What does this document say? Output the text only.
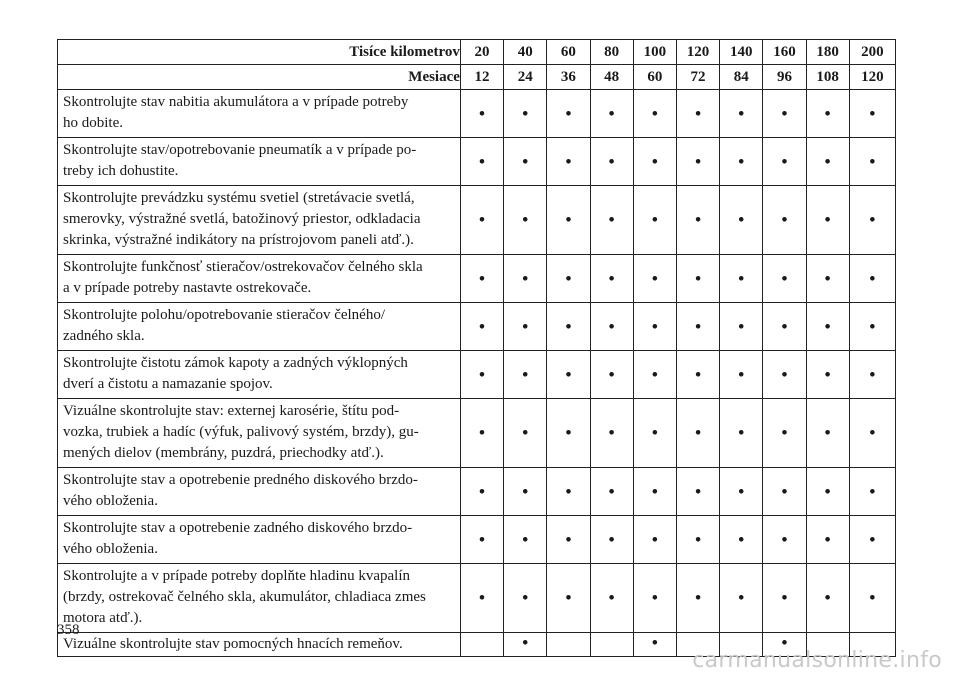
Tisíce kilometrov	20	40	60	80	100	120	140	160	180	200
Mesiace	12	24	36	48	60	72	84	96	108	120
Skontrolujte stav nabitia akumulátora a v prípade potreby
ho dobite.	•	•	•	•	•	•	•	•	•	•
Skontrolujte stav/opotrebovanie pneumatík a v prípade po-
treby ich dohustite.	•	•	•	•	•	•	•	•	•	•
Skontrolujte prevádzku systému svetiel (stretávacie svetlá,
smerovky, výstražné svetlá, batožinový priestor, odkladacia
skrinka, výstražné indikátory na prístrojovom paneli atď.).	•	•	•	•	•	•	•	•	•	•
Skontrolujte funkčnosť stieračov/ostrekovačov čelného skla
a v prípade potreby nastavte ostrekovače.	•	•	•	•	•	•	•	•	•	•
Skontrolujte polohu/opotrebovanie stieračov čelného/
zadného skla.	•	•	•	•	•	•	•	•	•	•
Skontrolujte čistotu zámok kapoty a zadných výklopných
dverí a čistotu a namazanie spojov.	•	•	•	•	•	•	•	•	•	•
Vizuálne skontrolujte stav: externej karosérie, štítu pod-
vozka, trubiek a hadíc (výfuk, palivový systém, brzdy), gu-
mených dielov (membrány, puzdrá, priechodky atď.).	•	•	•	•	•	•	•	•	•	•
Skontrolujte stav a opotrebenie predného diskového brzdo-
vého obloženia.	•	•	•	•	•	•	•	•	•	•
Skontrolujte stav a opotrebenie zadného diskového brzdo-
vého obloženia.	•	•	•	•	•	•	•	•	•	•
Skontrolujte a v prípade potreby doplňte hladinu kvapalín
(brzdy, ostrekovač čelného skla, akumulátor, chladiaca zmes
motora atď.).	•	•	•	•	•	•	•	•	•	•
Vizuálne skontrolujte stav pomocných hnacích remeňov.		•			•			•		
358
carmanualsonline.info
